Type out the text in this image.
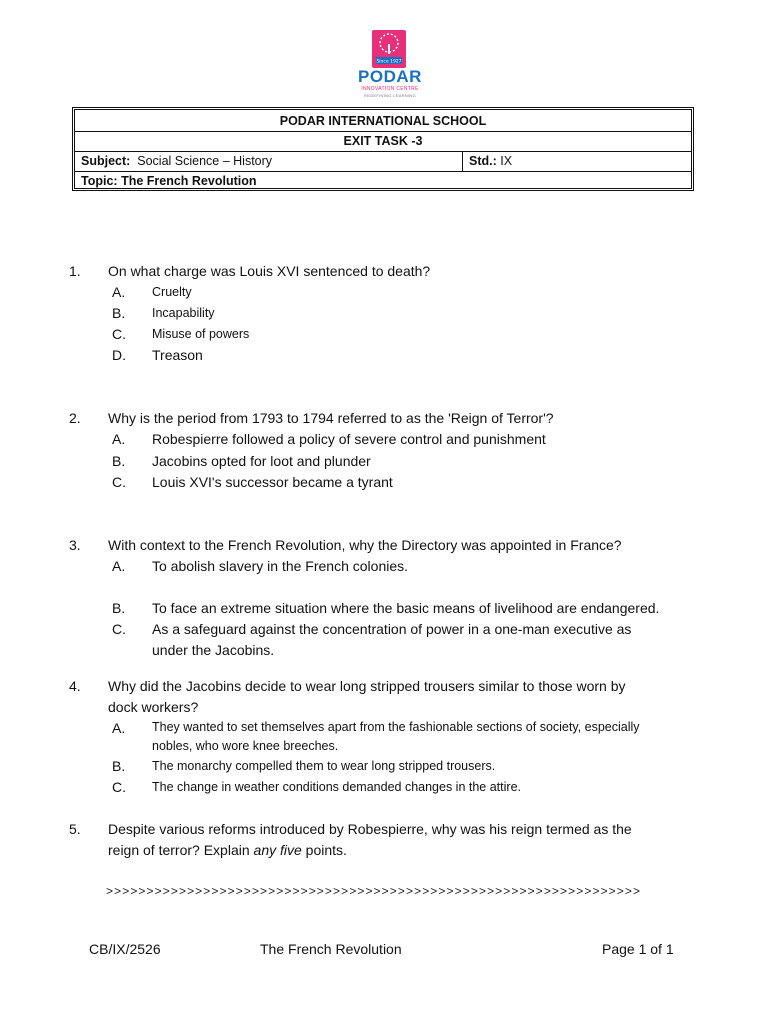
Since 1927
PODAR
INNOVATION CENTRE
REDEFINING LEARNING
PODAR INTERNATIONAL SCHOOL
EXIT TASK -3
Subject: Social Science – History	Std.: IX
Topic: The French Revolution
1. On what charge was Louis XVI sentenced to death?
A. Cruelty
B. Incapability
C. Misuse of powers
D. Treason
2. Why is the period from 1793 to 1794 referred to as the 'Reign of Terror'?
A. Robespierre followed a policy of severe control and punishment
B. Jacobins opted for loot and plunder
C. Louis XVI's successor became a tyrant
3. With context to the French Revolution, why the Directory was appointed in France?
A. To abolish slavery in the French colonies.
B. To face an extreme situation where the basic means of livelihood are endangered.
C. As a safeguard against the concentration of power in a one-man executive as
under the Jacobins.
4. Why did the Jacobins decide to wear long stripped trousers similar to those worn by
dock workers?
A. They wanted to set themselves apart from the fashionable sections of society, especially
nobles, who wore knee breeches.
B. The monarchy compelled them to wear long stripped trousers.
C. The change in weather conditions demanded changes in the attire.
5. Despite various reforms introduced by Robespierre, why was his reign termed as the
reign of terror? Explain any five points.
>>>>>>>>>>>>>>>>>>>>>>>>>>>>>>>>>>>>>>>>>>>>>>>>>>>>>>>>>>>>>>>>>>
CB/IX/2526	The French Revolution	Page 1 of 1
